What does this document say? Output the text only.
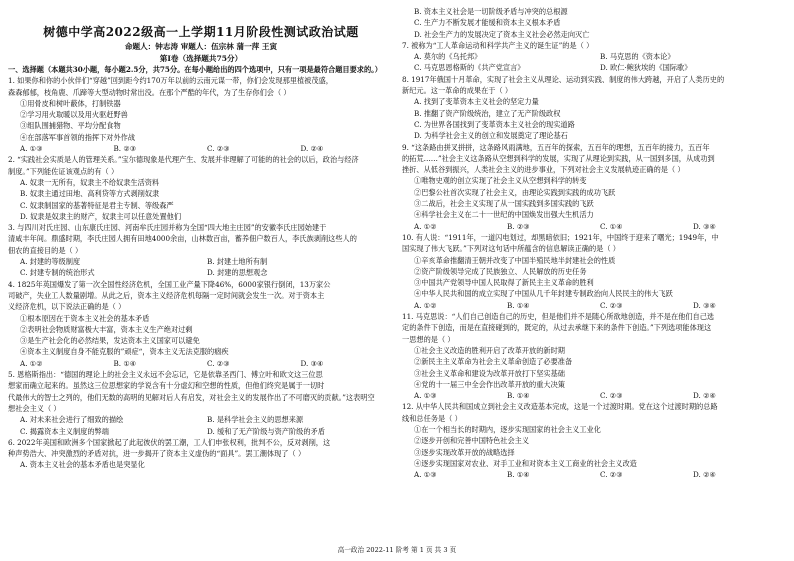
树德中学高2022级高一上学期11月阶段性测试政治试题
命题人：钟志涛 审题人：伍宗林 蒲一萍 王寅
第Ⅰ卷（选择题共75分）
一、选择题（本题共30小题，每小题2.5分，共75分。在每小题给出的四个选项中，只有一项是最符合题目要求的。）

1. 如果你和你的小伙伴们“穿越”回到距今约170万年以前的云南元谋一带，你们会发现那里植被茂盛，

森森郁郁，枝角鹿、爪蹄等大型动物时常出没。在那个严酷的年代，为了生存你们会（ ）

①用骨皮和树叶蔽体，打制铁器
②学习用火取暖以及用火驱赶野兽
③组队围捕猎物、平均分配食物
④在部落军事首领的指挥下对外作战
A. ①③	B. ②③	C. ②③	D. ②④

2. “实践社会实质是人的管理关系。”宝尔德现象是代理产生、发展并非理解了可能的的社会的以后，政治与经济

制度。”下列能佐证该观点的有（ ）

A. 奴隶一无所有，奴隶主不给奴隶生活资料
B. 奴隶主通过田地、高利贷等方式剥削奴隶
C. 奴隶制国家的基著特征是君主专制、等级森严
D. 奴隶是奴隶主的财产，奴隶主可以任意处置他们

3. 与四川对氏庄园、山东康氏庄园、河南牟氏庄园并称为全国“四大地主庄园”的安徽李氏庄园始建于

清咸丰年间。鼎盛时期，李氏庄园人拥有田地4000余亩，山林数百亩，蓄养佃户数百人，李氏族剥削这些人的

佃农的直接目的是（ ）

A. 封建的等级制度	B. 封建土地所有制
C. 封建专制的统治形式	D. 封建的思想观念

4. 1825年英国爆发了第一次全国性经济危机，全国工业产量下降46%，6000家银行倒闭，13万家公

司破产，失业工人数量剧增。从此之后，资本主义经济危机每隔一定时间就会发生一次。对于资本主

义经济危机，以下说法正确的是（ ）

①根本原因在于资本主义社会的基本矛盾
②表明社会物质财富极大丰富，资本主义生产绝对过剩
③是生产社会化的必然结果，发达资本主义国家可以避免
④资本主义制度自身不能克服的”顽症“，资本主义无法克服的痼疾
A. ①②	B. ①④	C. ②③	D. ③④

5. 恩格斯指出：“德国的理论上的社会主义永远不会忘记，它是依靠圣西门、傅立叶和欧文这三位思

想家而确立起来的。虽然这三位思想家的学说含有十分虚幻和空想的性质，但他们终究是属于一切时

代最伟大的智士之列的，他们无数的高明的见解对后人有启发，对社会主义的发展作出了不可磨灭的贡献。”这表明空

想社会主义（ ）

A. 对未来社会进行了细致的描绘	B. 是科学社会主义的思想来源
C. 揭露资本主义制度的弊端	D. 缓和了无产阶级与资产阶级的矛盾

6. 2022年美国和欧洲多个国家掀起了此起彼伏的罢工潮，工人们申张权利，批判不公，反对剥削，这

种声势浩大、冲突激烈的矛盾对抗，进一步揭开了资本主义虚伪的“面具”。罢工潮体现了（ ）

A. 资本主义社会的基本矛盾也是突显化
B. 资本主义社会是一切阶级矛盾与冲突的总根源
C. 生产力不断发展才能缓和资本主义根本矛盾
D. 社会生产力的发展决定了资本主义社会必然走向灭亡

7. 被称为“工人革命运动和科学共产主义的诞生证”的是（ ）

A. 莫尔的《乌托邦》	B. 马克思的《资本论》
C. 马克思恩格斯的《共产党宣言》	D. 欧仁·鲍狄埃的《国际歌》

8. 1917年俄国十月革命，实现了社会主义从理论、运动到实践、制度的伟大跨越，开启了人类历史的

新纪元。这一革命的成果在于（ ）

A. 找到了变革资本主义社会的坚定力量
B. 推翻了资产阶级统治，建立了无产阶级政权
C. 为世界各国找到了变革资本主义社会的现实道路
D. 为科学社会主义的创立和发展奠定了理论基石

9. “这条路由拼叉拼拼，这条路风雨满地，五百年的探索，五百年的理想，五百年的接力，五百年

的拓荒……”社会主义这条路从空想到科学的发展，实现了从理论到实践，从一国到多国，从成功到

挫折、从低谷到振兴，人类社会主义的进步事业，下列对社会主义发展轨迹正确的是（ ）

①唯物史观的创立实现了社会主义从空想到科学的转变
②巴黎公社首次实现了社会主义，由理论实践到实践的成功飞跃
③二战后，社会主义实现了从一国实践到多国实践的飞跃
④科学社会主义在二十一世纪的中国焕发出强大生机活力
A. ①②	B. ②③	C. ①④	D. ③④

10. 有人说：“1911年，一道闪电划过，却黑暗依旧；1921年，中国终于迎来了曙光；1949年，中

国实现了伟大飞跃。”下列对这句话中所蕴含的信息解读正确的是（ ）

①辛亥革命推翻清王朝并改变了中国半殖民地半封建社会的性质
②资产阶级领导完成了民族独立、人民解放的历史任务
③中国共产党领导中国人民取得了新民主主义革命的胜利
④中华人民共和国的成立实现了中国从几千年封建专制政治向人民民主的伟大飞跃
A. ①②	B. ①④	C. ②③	D. ③④

11. 马克思说：“人们自己创造自己的历史，但是他们并不是随心所欲地创造，并不是在他们自己选

定的条件下创造，而是在直接碰到的，既定的，从过去承继下来的条件下创造。”下列选项能体现这

一思想的是（ ）

①社会主义改造的胜利开启了改革开放的新时期
②新民主主义革命为社会主义革命创造了必要准备
③社会主义革命和建设为改革开放打下坚实基础
④党的十一届三中全会作出改革开放的重大决策
A. ①③	B. ①④	C. ②③	D. ②④

12. 从中华人民共和国成立到社会主义改造基本完成，这是一个过渡时期。党在这个过渡时期的总路

线和总任务是（ ）

①在一个相当长的时期内，逐步实现国家的社会主义工业化
②逐步开创和完善中国特色社会主义
③逐步实现改革开放的战略选择
④逐步实现国家对农业、对手工业和对资本主义工商业的社会主义改造
A. ①③	B. ①④	C. ②③	D. ②④
高一政治 2022-11 阶考 第 1 页 共 3 页
